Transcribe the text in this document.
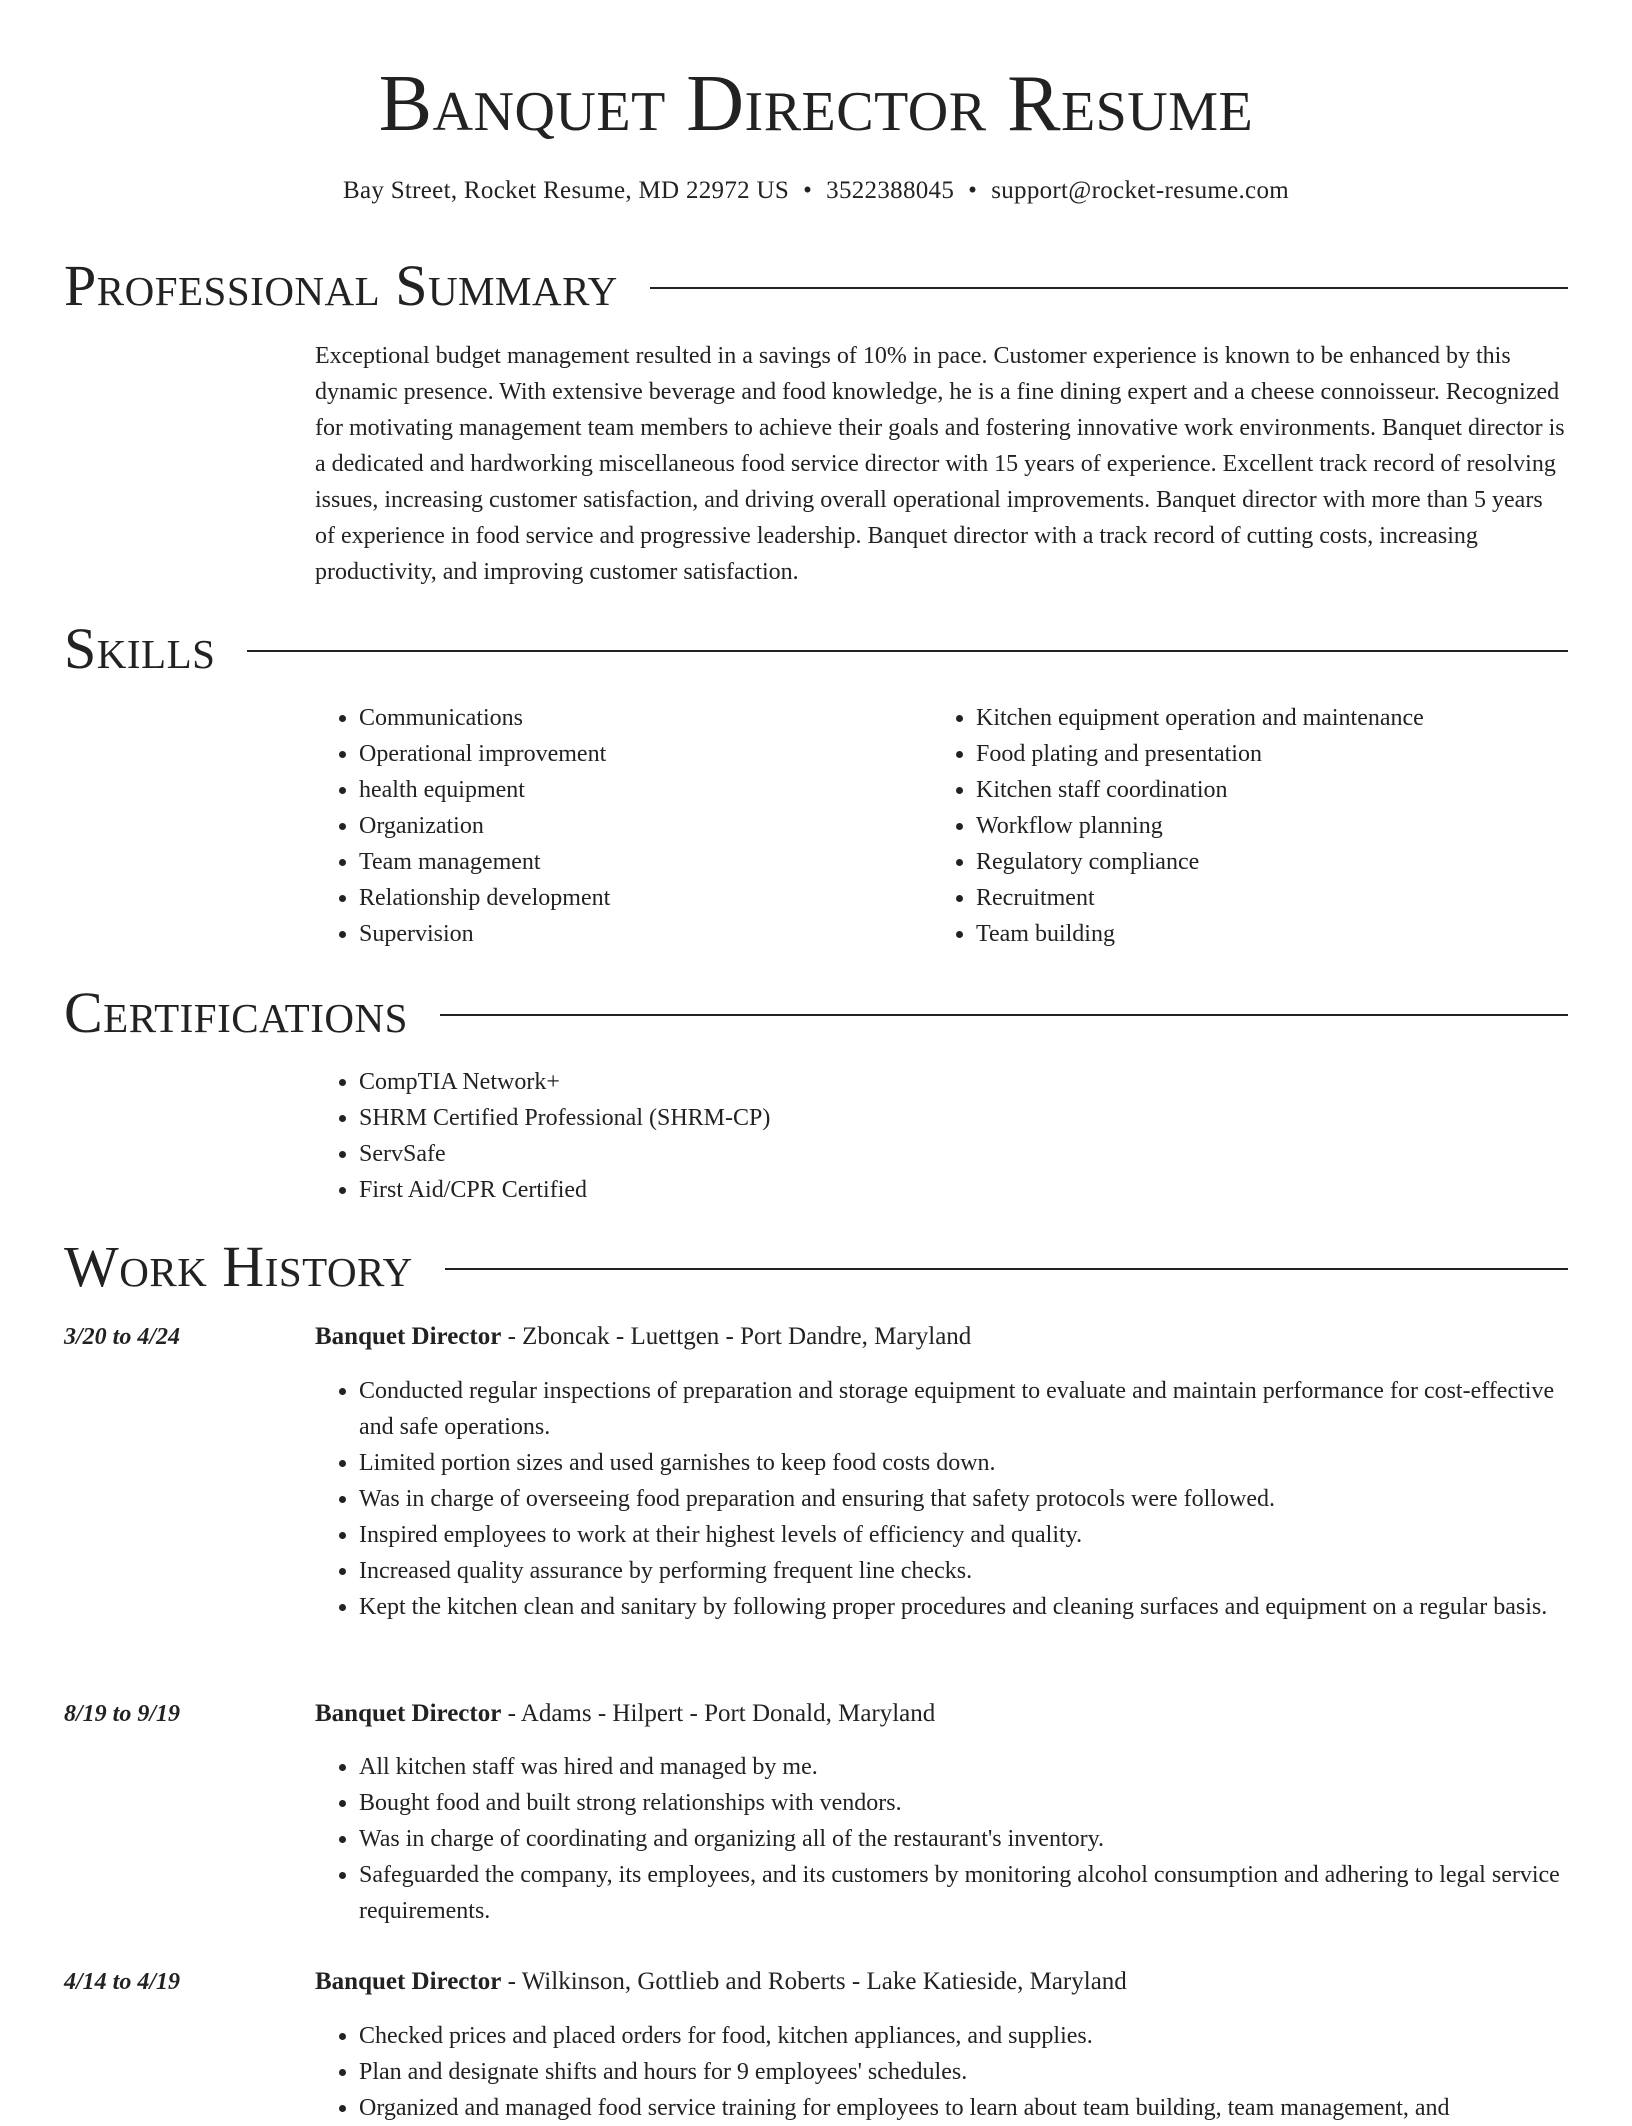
Banquet Director Resume
Bay Street, Rocket Resume, MD 22972 US • 3522388045 • support@rocket-resume.com
Professional Summary

Exceptional budget management resulted in a savings of 10% in pace. Customer experience is known to be enhanced by this dynamic presence. With extensive beverage and food knowledge, he is a fine dining expert and a cheese connoisseur. Recognized for motivating management team members to achieve their goals and fostering innovative work environments. Banquet director is a dedicated and hardworking miscellaneous food service director with 15 years of experience. Excellent track record of resolving issues, increasing customer satisfaction, and driving overall operational improvements. Banquet director with more than 5 years of experience in food service and progressive leadership. Banquet director with a track record of cutting costs, increasing productivity, and improving customer satisfaction.

Skills
• Communications
• Operational improvement
• health equipment
• Organization
• Team management
• Relationship development
• Supervision
• Kitchen equipment operation and maintenance
• Food plating and presentation
• Kitchen staff coordination
• Workflow planning
• Regulatory compliance
• Recruitment
• Team building
Certifications
• CompTIA Network+
• SHRM Certified Professional (SHRM-CP)
• ServSafe
• First Aid/CPR Certified
Work History
3/20 to 4/24	Banquet Director - Zboncak - Luettgen - Port Dandre, Maryland
• Conducted regular inspections of preparation and storage equipment to evaluate and maintain performance for cost-effective and safe operations.
• Limited portion sizes and used garnishes to keep food costs down.
• Was in charge of overseeing food preparation and ensuring that safety protocols were followed.
• Inspired employees to work at their highest levels of efficiency and quality.
• Increased quality assurance by performing frequent line checks.
• Kept the kitchen clean and sanitary by following proper procedures and cleaning surfaces and equipment on a regular basis.
8/19 to 9/19	Banquet Director - Adams - Hilpert - Port Donald, Maryland
• All kitchen staff was hired and managed by me.
• Bought food and built strong relationships with vendors.
• Was in charge of coordinating and organizing all of the restaurant's inventory.
• Safeguarded the company, its employees, and its customers by monitoring alcohol consumption and adhering to legal service requirements.
4/14 to 4/19	Banquet Director - Wilkinson, Gottlieb and Roberts - Lake Katieside, Maryland
• Checked prices and placed orders for food, kitchen appliances, and supplies.
• Plan and designate shifts and hours for 9 employees' schedules.
• Organized and managed food service training for employees to learn about team building, team management, and
